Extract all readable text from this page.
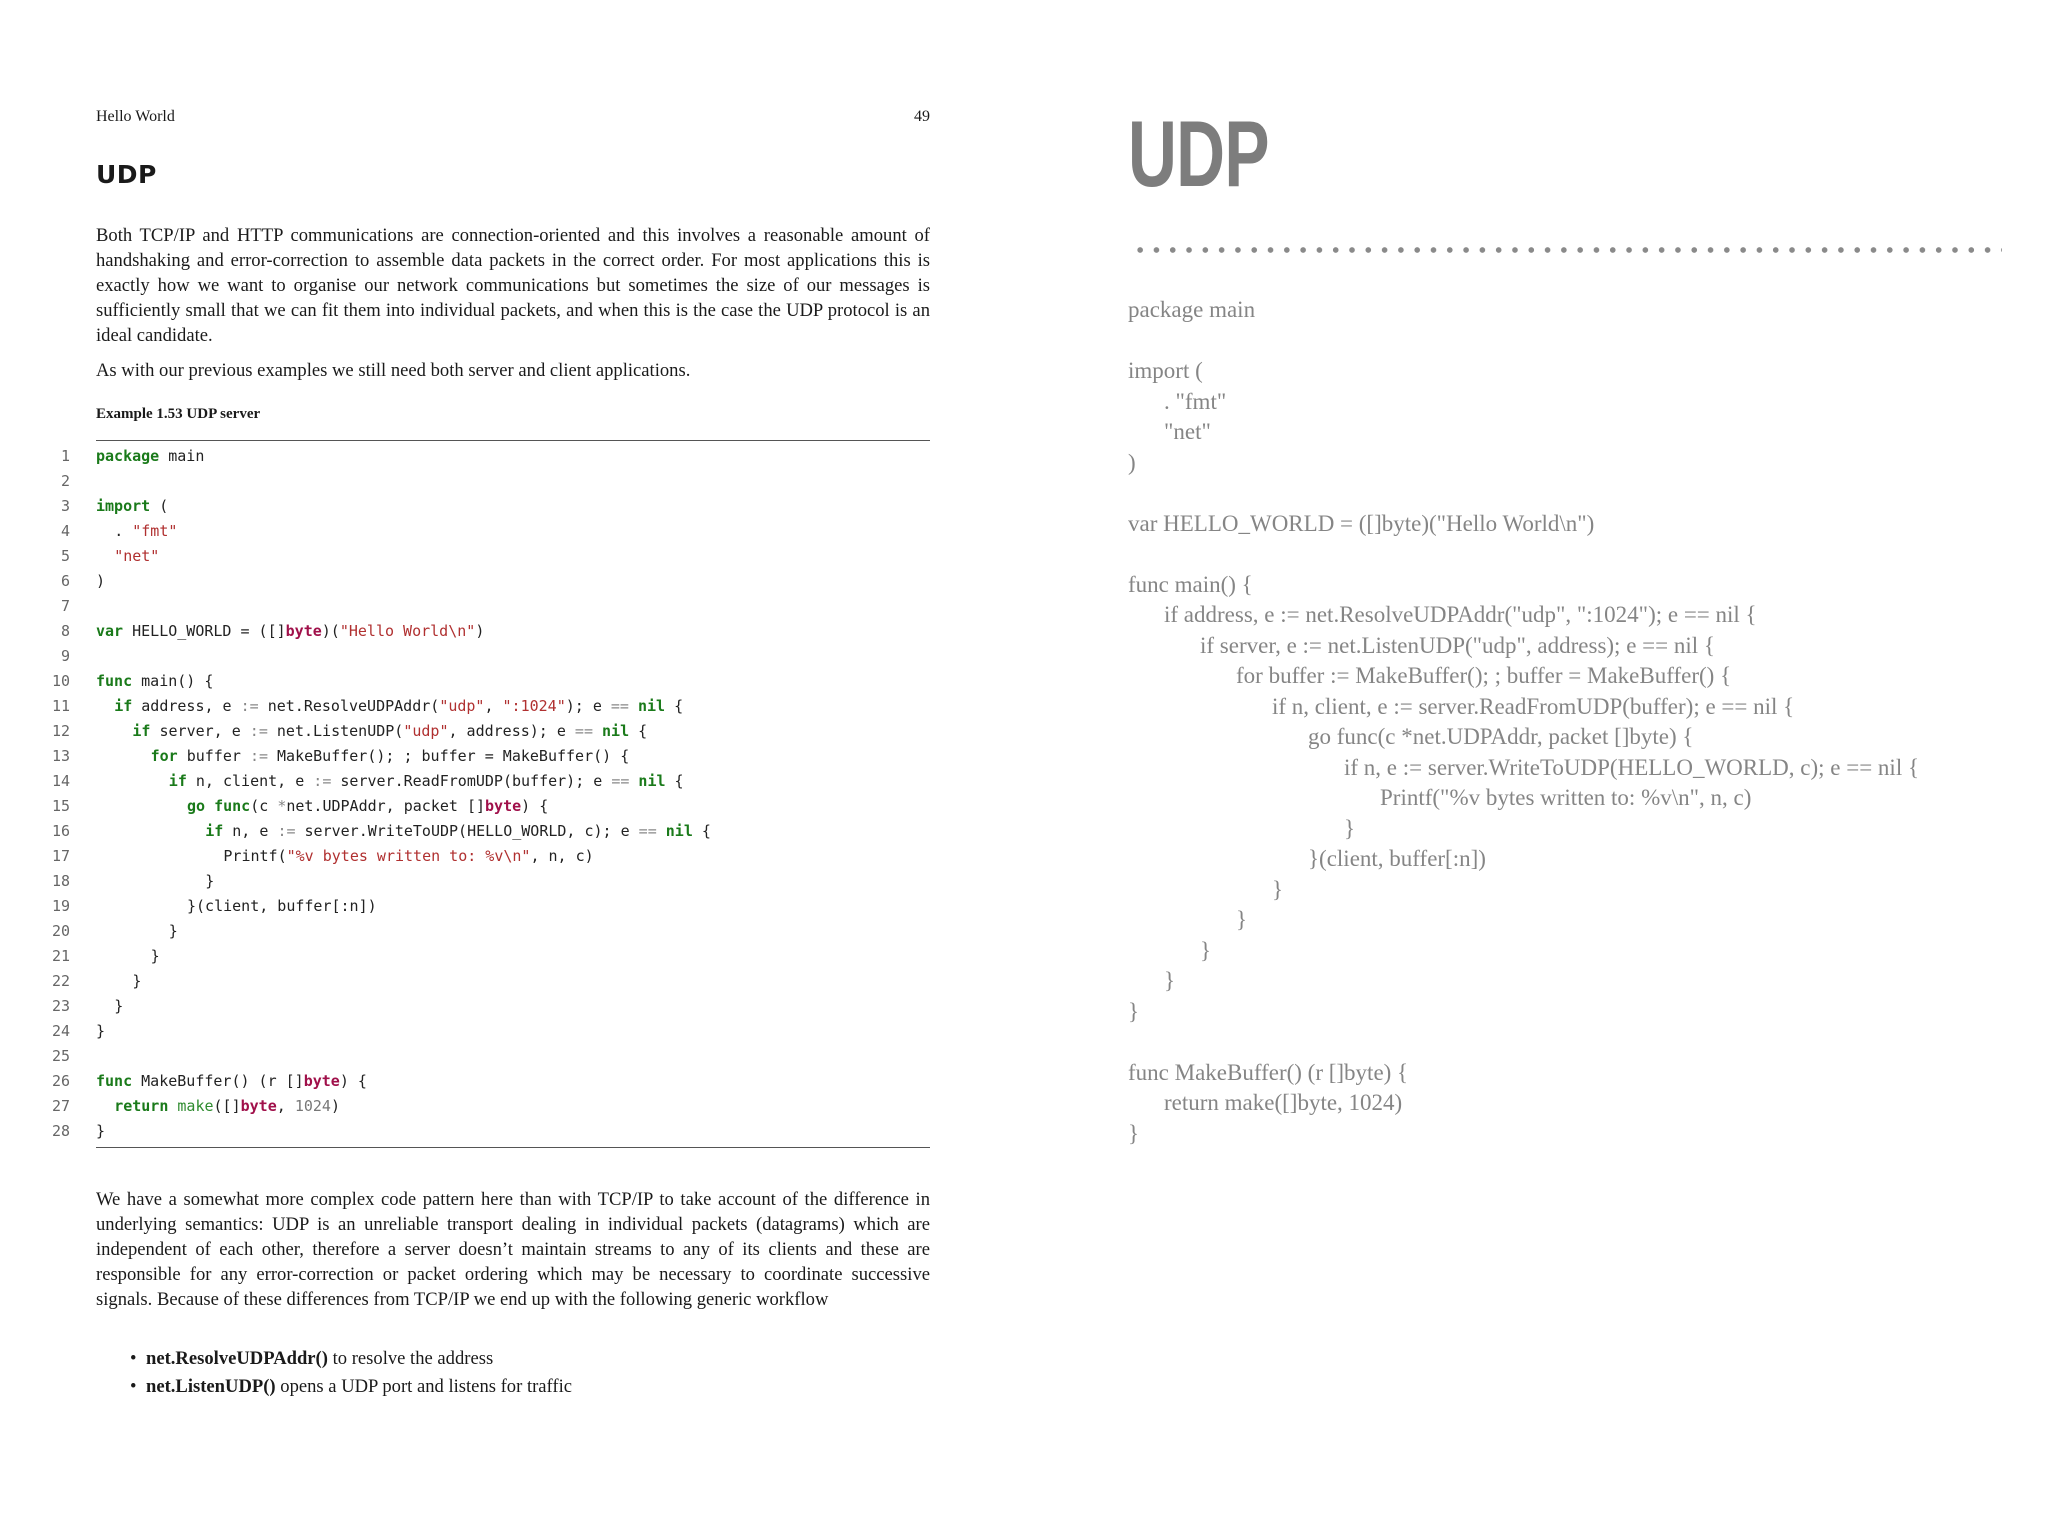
Hello World	49
UDP

Both TCP/IP and HTTP communications are connection-oriented and this involves a reasonable amount of handshaking and error-correction to assemble data packets in the correct order. For most applications this is exactly how we want to organise our network communications but sometimes the size of our messages is sufficiently small that we can fit them into individual packets, and when this is the case the UDP protocol is an ideal candidate.

As with our previous examples we still need both server and client applications.

Example 1.53 UDP server

1 package main
2
3 import (
4	. "fmt"
5	"net"
6 )
7
8 var HELLO_WORLD = ([]byte)("Hello World\n")
9
10 func main() {
11	if address, e := net.ResolveUDPAddr("udp", ":1024"); e == nil {
12	if server, e := net.ListenUDP("udp", address); e == nil {
13	for buffer := MakeBuffer(); ; buffer = MakeBuffer() {
14	if n, client, e := server.ReadFromUDP(buffer); e == nil {
15	go func(c *net.UDPAddr, packet []byte) {
16	if n, e := server.WriteToUDP(HELLO_WORLD, c); e == nil {
17	Printf("%v bytes written to: %v\n", n, c)
18	}
19	}(client, buffer[:n])
20	}
21	}
22	}
23	}
24 }
25
26 func MakeBuffer() (r []byte) {
27	return make([]byte, 1024)
28 }

We have a somewhat more complex code pattern here than with TCP/IP to take account of the difference in underlying semantics: UDP is an unreliable transport dealing in individual packets (datagrams) which are independent of each other, therefore a server doesn’t maintain streams to any of its clients and these are responsible for any error-correction or packet ordering which may be necessary to coordinate successive signals. Because of these differences from TCP/IP we end up with the following generic workflow

• net.ResolveUDPAddr() to resolve the address
• net.ListenUDP() opens a UDP port and listens for traffic
UDP
package main
import (
. "fmt"
"net"
)
var HELLO_WORLD = ([]byte)("Hello World\n")
func main() {
if address, e := net.ResolveUDPAddr("udp", ":1024"); e == nil {
if server, e := net.ListenUDP("udp", address); e == nil {
for buffer := MakeBuffer(); ; buffer = MakeBuffer() {
if n, client, e := server.ReadFromUDP(buffer); e == nil {
go func(c *net.UDPAddr, packet []byte) {
if n, e := server.WriteToUDP(HELLO_WORLD, c); e == nil {
Printf("%v bytes written to: %v\n", n, c)
}
}(client, buffer[:n])
}
}
}
}
}
func MakeBuffer() (r []byte) {
return make([]byte, 1024)
}
